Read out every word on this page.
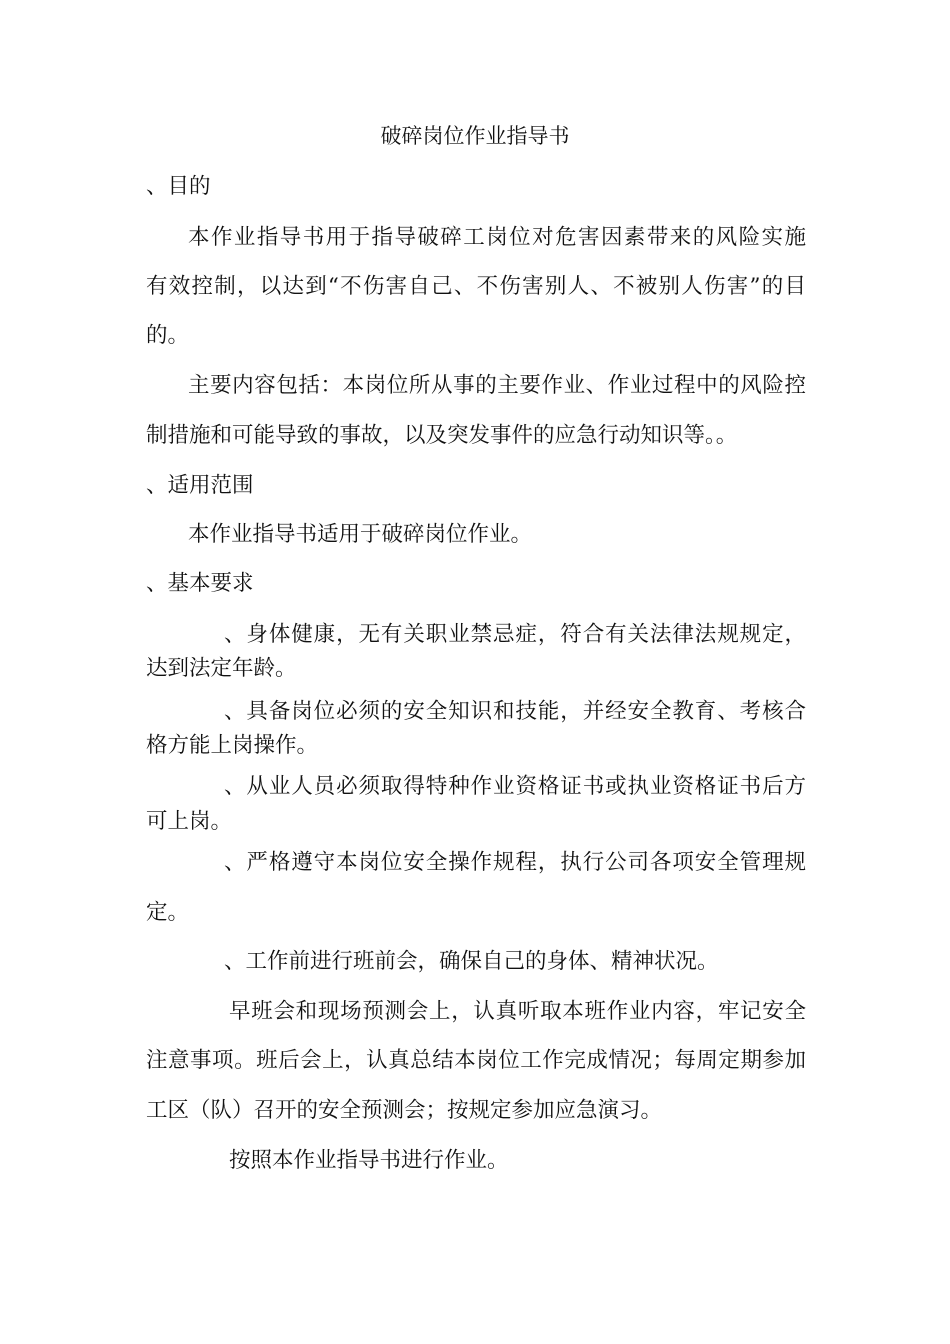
破碎岗位作业指导书
、目的
本作业指导书用于指导破碎工岗位对危害因素带来的风险实施
有效控制，以达到“不伤害自己、不伤害别人、不被别人伤害”的目
的。
主要内容包括：本岗位所从事的主要作业、作业过程中的风险控
制措施和可能导致的事故，以及突发事件的应急行动知识等。。
、适用范围
本作业指导书适用于破碎岗位作业。
、基本要求
、身体健康，无有关职业禁忌症，符合有关法律法规规定，
达到法定年龄。
、具备岗位必须的安全知识和技能，并经安全教育、考核合
格方能上岗操作。
、从业人员必须取得特种作业资格证书或执业资格证书后方
可上岗。
、严格遵守本岗位安全操作规程，执行公司各项安全管理规
定。
、工作前进行班前会，确保自己的身体、精神状况。
早班会和现场预测会上，认真听取本班作业内容，牢记安全
注意事项。班后会上，认真总结本岗位工作完成情况；每周定期参加
工区（队）召开的安全预测会；按规定参加应急演习。
按照本作业指导书进行作业。
